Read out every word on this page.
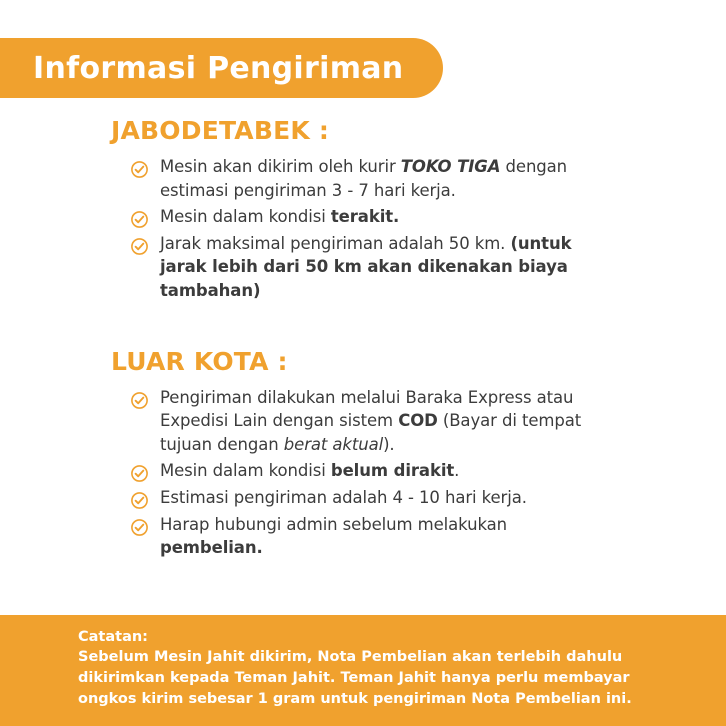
Informasi Pengiriman
JABODETABEK :
Mesin akan dikirim oleh kurir TOKO TIGA dengan estimasi pengiriman 3 - 7 hari kerja.
Mesin dalam kondisi terakit.
Jarak maksimal pengiriman adalah 50 km. (untuk jarak lebih dari 50 km akan dikenakan biaya tambahan)
LUAR KOTA :
Pengiriman dilakukan melalui Baraka Express atau Expedisi Lain dengan sistem COD (Bayar di tempat tujuan dengan berat aktual).
Mesin dalam kondisi belum dirakit.
Estimasi pengiriman adalah 4 - 10 hari kerja.
Harap hubungi admin sebelum melakukan pembelian.
Catatan:
Sebelum Mesin Jahit dikirim, Nota Pembelian akan terlebih dahulu dikirimkan kepada Teman Jahit. Teman Jahit hanya perlu membayar ongkos kirim sebesar 1 gram untuk pengiriman Nota Pembelian ini.
